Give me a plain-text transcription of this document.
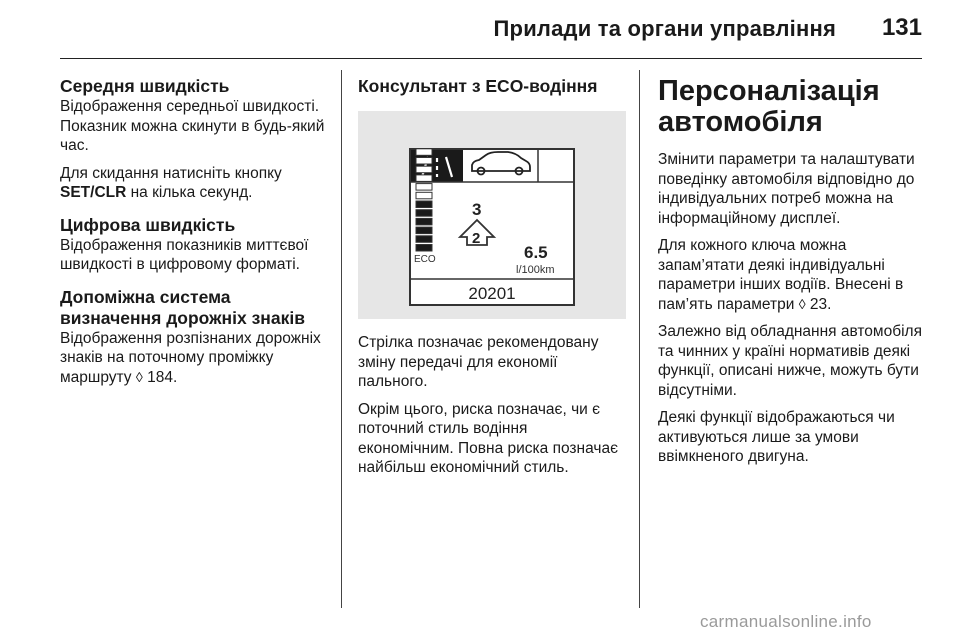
Прилади та органи управління 131
Середня швидкість

Відображення середньої швидкості. Показник можна скинути в будь-який час.

Для скидання натисніть кнопку SET/CLR на кілька секунд.

Цифрова швидкість

Відображення показників миттєвої швидкості в цифровому форматі.

Допоміжна система
визначення дорожніх знаків

Відображення розпізнаних дорожніх знаків на поточному проміжку маршруту ◊ 184.

Консультант з ECO-водіння
ECO
3
2
6.5
l/100km
20201

Стрілка позначає рекомендовану зміну передачі для економії пального.

Окрім цього, риска позначає, чи є поточний стиль водіння економічним. Повна риска позначає найбільш економічний стиль.

Персоналізація
автомобіля

Змінити параметри та налаштувати поведінку автомобіля відповідно до індивідуальних потреб можна на інформаційному дисплеї.

Для кожного ключа можна запам’ятати деякі індивідуальні параметри інших водіїв. Внесені в пам’ять параметри ◊ 23.

Залежно від обладнання автомобіля та чинних у країні нормативів деякі функції, описані нижче, можуть бути відсутніми.

Деякі функції відображаються чи активуються лише за умови ввімкненого двигуна.

carmanualsonline.info
